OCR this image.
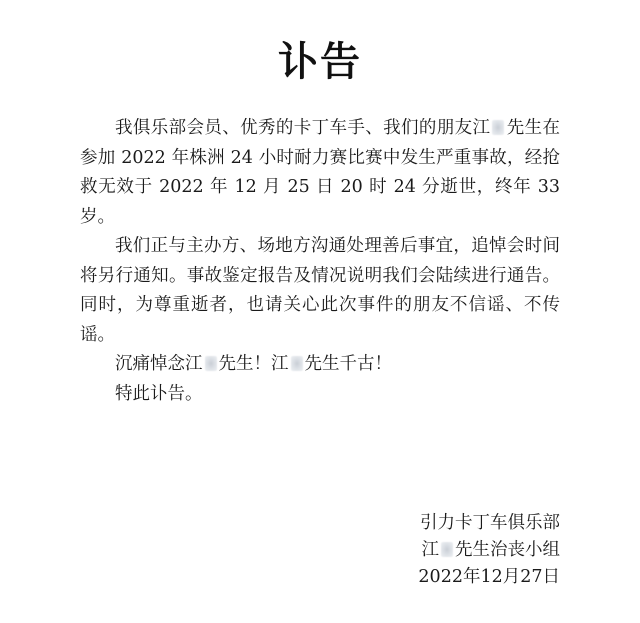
讣告

我俱乐部会员、优秀的卡丁车手、我们的朋友江 先生在参加 2022 年株洲 24 小时耐力赛比赛中发生严重事故，经抢救无效于 2022 年 12 月 25 日 20 时 24 分逝世，终年 33 岁。

我们正与主办方、场地方沟通处理善后事宜，追悼会时间将另行通知。事故鉴定报告及情况说明我们会陆续进行通告。同时，为尊重逝者，也请关心此次事件的朋友不信谣、不传谣。

沉痛悼念江 先生！江 先生千古！

特此讣告。

引力卡丁车俱乐部
江 先生治丧小组
2022年12月27日
